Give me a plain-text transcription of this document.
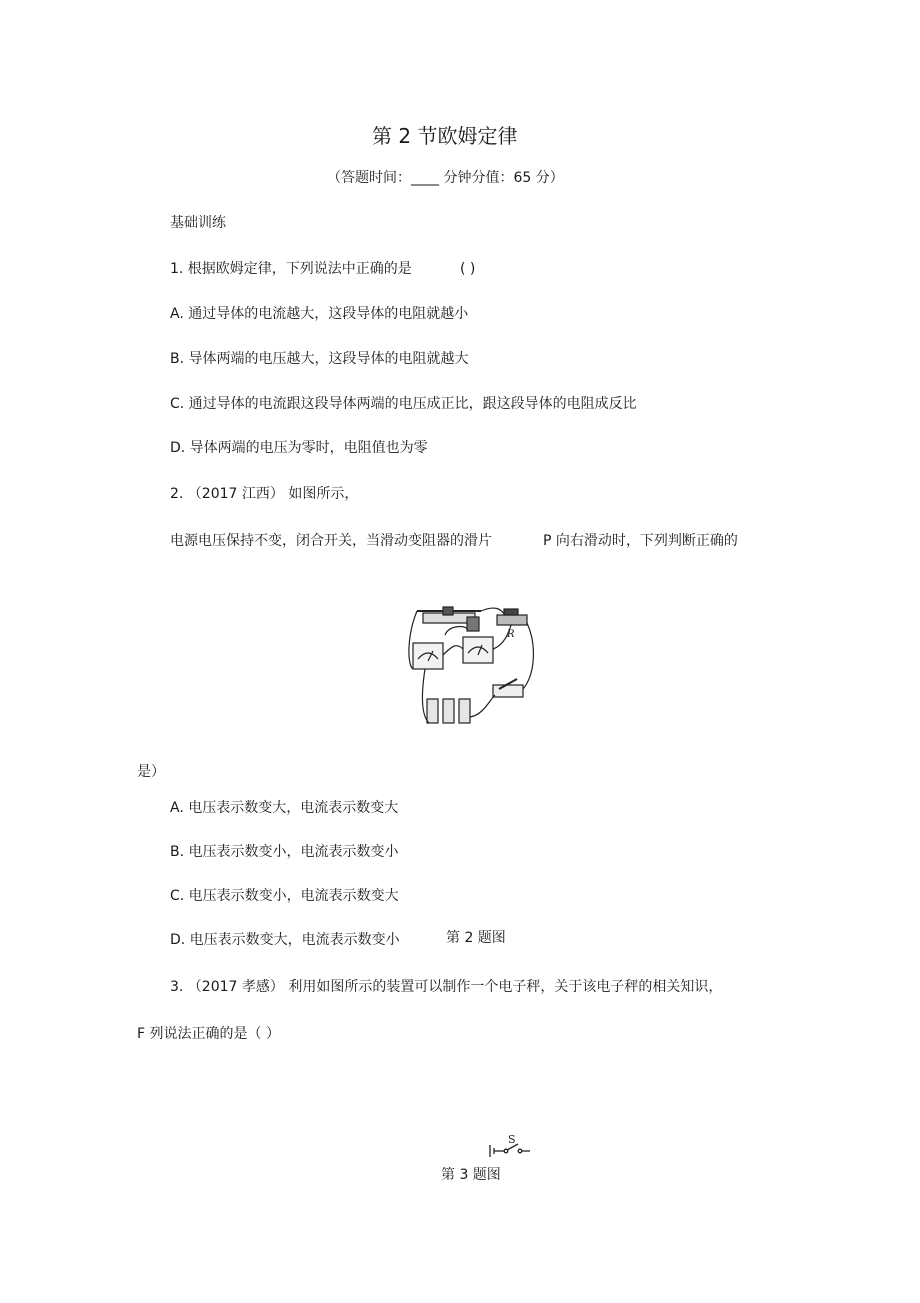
第 2 节欧姆定律
（答题时间：____ 分钟分值：65 分）
基础训练
1. 根据欧姆定律，下列说法中正确的是	( )
A. 通过导体的电流越大，这段导体的电阻就越小
B. 导体两端的电压越大，这段导体的电阻就越大
C. 通过导体的电流跟这段导体两端的电压成正比，跟这段导体的电阻成反比
D. 导体两端的电压为零时，电阻值也为零
2. （2017 江西） 如图所示，
电源电压保持不变，闭合开关，当滑动变阻器的滑片	P 向右滑动时，下列判断正确的
R
是）
A. 电压表示数变大，电流表示数变大
B. 电压表示数变小，电流表示数变小
C. 电压表示数变小，电流表示数变大
D. 电压表示数变大，电流表示数变小	第 2 题图
3. （2017 孝感） 利用如图所示的装置可以制作一个电子秤，关于该电子秤的相关知识，
F 列说法正确的是（ ）
S
第 3 题图
